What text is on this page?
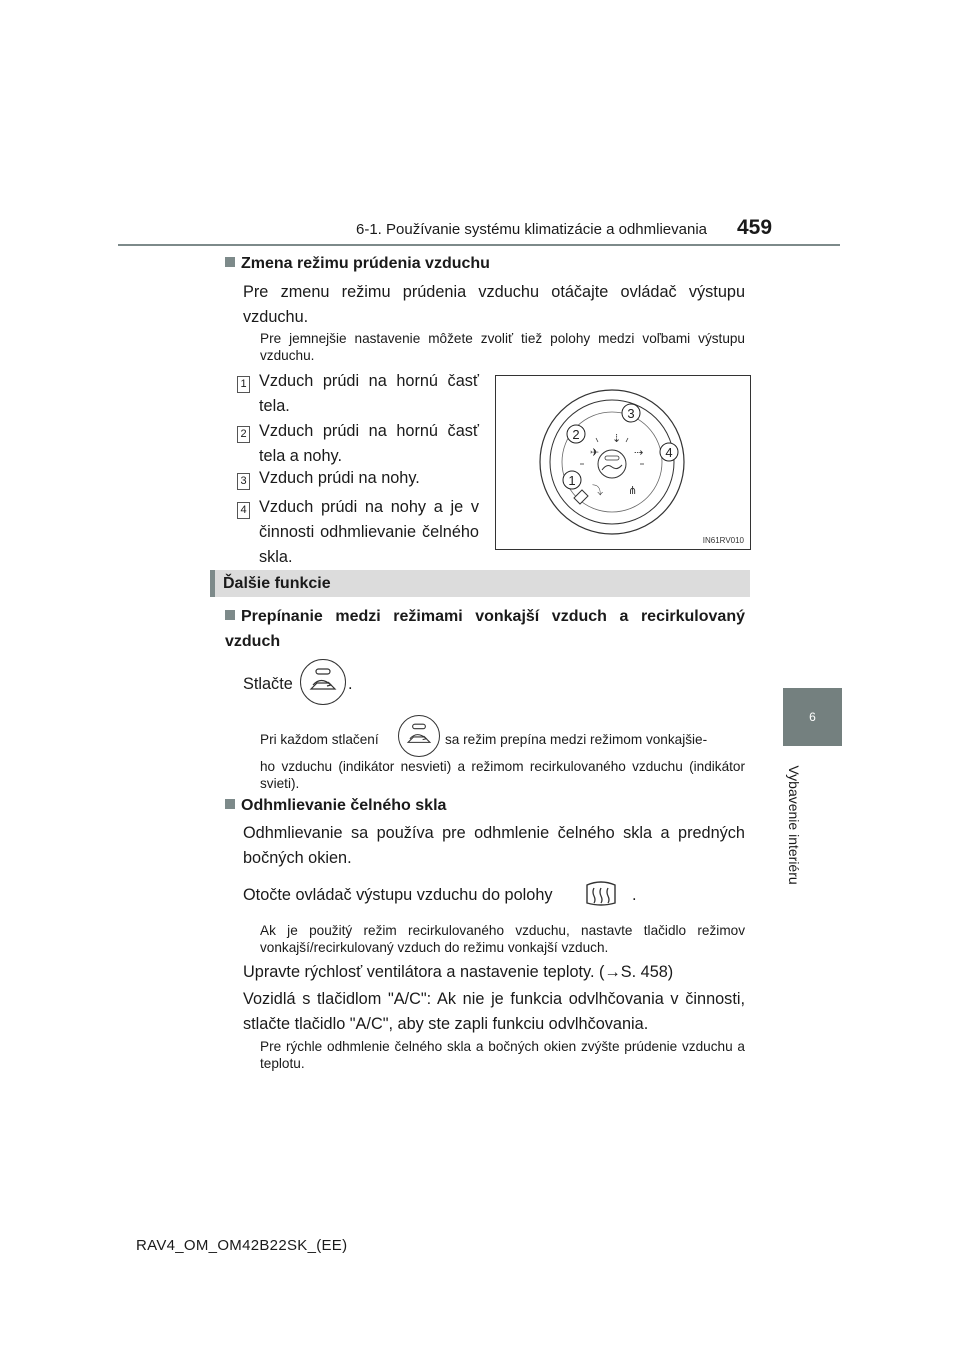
6-1. Používanie systému klimatizácie a odhmlievania 459
6
Vybavenie interiéru
Zmena režimu prúdenia vzduchu
Pre zmenu režimu prúdenia vzduchu otáčajte ovládač výstupu vzduchu.
Pre jemnejšie nastavenie môžete zvoliť tiež polohy medzi voľbami výstupu vzduchu.
1 Vzduch prúdi na hornú časť tela.
2 Vzduch prúdi na hornú časť tela a nohy.
3 Vzduch prúdi na nohy.
4 Vzduch prúdi na nohy a je v činnosti odhmlievanie čelného skla.
✈
⇣
⇢
⤵ ⋔
3
2
4
1
IN61RV010
Ďalšie funkcie
Prepínanie medzi režimami vonkajší vzduch a recirkulovaný vzduch
Stlačte	.
Pri každom stlačení	sa režim prepína medzi režimom vonkajšie-
ho vzduchu (indikátor nesvieti) a režimom recirkulovaného vzduchu (indikátor svieti).
Odhmlievanie čelného skla
Odhmlievanie sa používa pre odhmlenie čelného skla a predných bočných okien.
Otočte ovládač výstupu vzduchu do polohy	.
Ak je použitý režim recirkulovaného vzduchu, nastavte tlačidlo režimov vonkajší/recirkulovaný vzduch do režimu vonkajší vzduch.
Upravte rýchlosť ventilátora a nastavenie teploty. (→S. 458)
Vozidlá s tlačidlom "A/C": Ak nie je funkcia odvlhčovania v činnosti, stlačte tlačidlo "A/C", aby ste zapli funkciu odvlhčovania.
Pre rýchle odhmlenie čelného skla a bočných okien zvýšte prúdenie vzduchu a teplotu.
RAV4_OM_OM42B22SK_(EE)
